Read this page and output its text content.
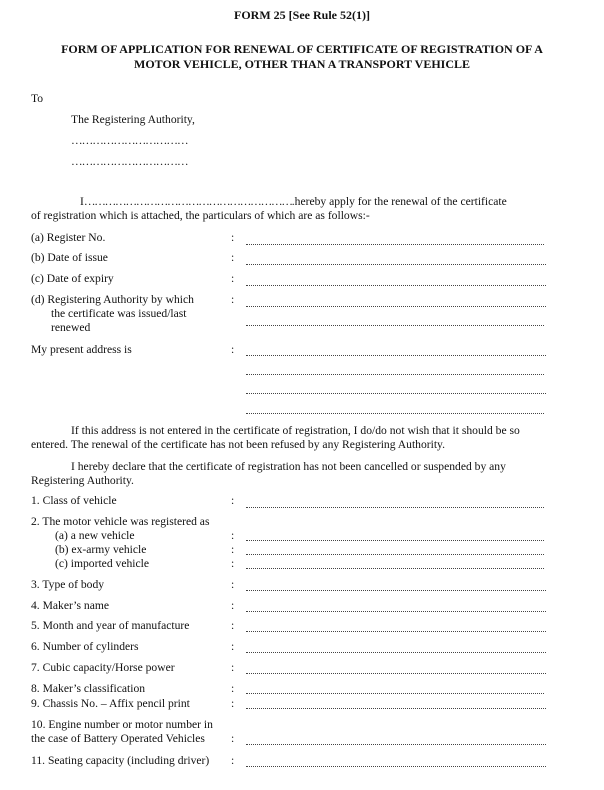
FORM 25 [See Rule 52(1)]
FORM OF APPLICATION FOR RENEWAL OF CERTIFICATE OF REGISTRATION OF A
MOTOR VEHICLE, OTHER THAN A TRANSPORT VEHICLE
To
The Registering Authority,
……………………………
……………………………
I…………………………………………………….hereby apply for the renewal of the certificate
of registration which is attached, the particulars of which are as follows:-
(a) Register No.	:
(b) Date of issue	:
(c) Date of expiry	:
(d) Registering Authority by which
the certificate was issued/last
renewed
:
My present address is	:
If this address is not entered in the certificate of registration, I do/do not wish that it should be so
entered. The renewal of the certificate has not been refused by any Registering Authority.
I hereby declare that the certificate of registration has not been cancelled or suspended by any
Registering Authority.
1. Class of vehicle	:
2. The motor vehicle was registered as
(a) a new vehicle	:
(b) ex-army vehicle	:
(c) imported vehicle	:
3. Type of body	:
4. Maker’s name	:
5. Month and year of manufacture	:
6. Number of cylinders	:
7. Cubic capacity/Horse power	:
8. Maker’s classification	:
9. Chassis No. – Affix pencil print	:
10. Engine number or motor number in
the case of Battery Operated Vehicles :
11. Seating capacity (including driver) :
